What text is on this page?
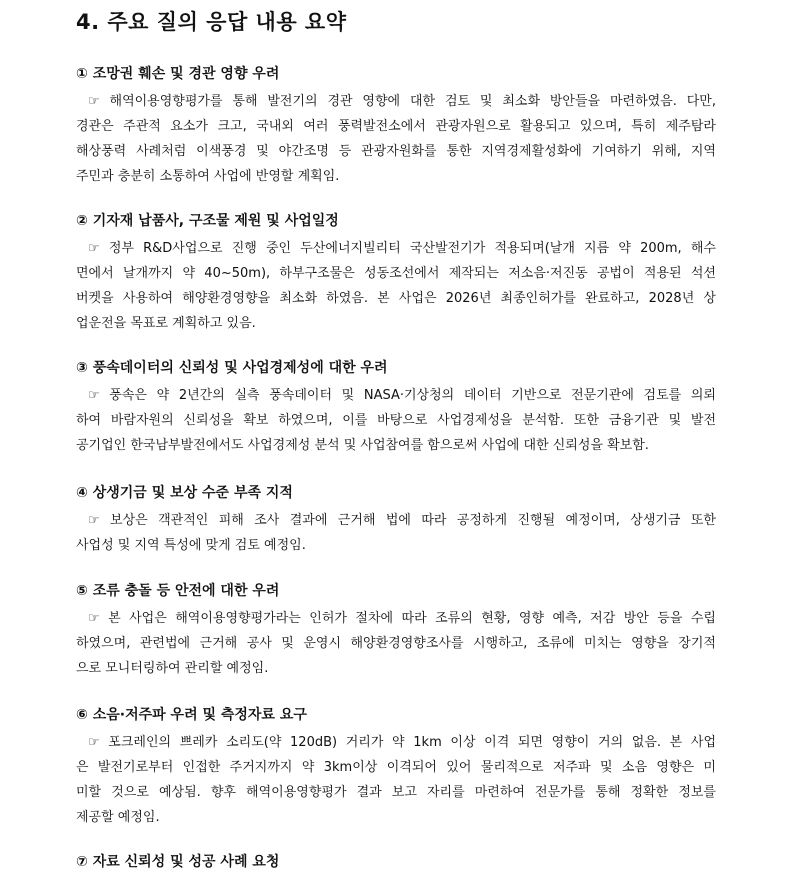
4. 주요 질의 응답 내용 요약

① 조망권 훼손 및 경관 영향 우려

☞ 해역이용영향평가를 통해 발전기의 경관 영향에 대한 검토 및 최소화 방안들을 마련하였음. 다만,
경관은 주관적 요소가 크고, 국내외 여러 풍력발전소에서 관광자원으로 활용되고 있으며, 특히 제주탐라
해상풍력 사례처럼 이색풍경 및 야간조명 등 관광자원화를 통한 지역경제활성화에 기여하기 위해, 지역
주민과 충분히 소통하여 사업에 반영할 계획임.

② 기자재 납품사, 구조물 제원 및 사업일정

☞ 정부 R&D사업으로 진행 중인 두산에너지빌리티 국산발전기가 적용되며(날개 지름 약 200m, 해수
면에서 날개까지 약 40~50m), 하부구조물은 성동조선에서 제작되는 저소음·저진동 공법이 적용된 석션
버켓을 사용하여 해양환경영향을 최소화 하였음. 본 사업은 2026년 최종인허가를 완료하고, 2028년 상
업운전을 목표로 계획하고 있음.

③ 풍속데이터의 신뢰성 및 사업경제성에 대한 우려

☞ 풍속은 약 2년간의 실측 풍속데이터 및 NASA·기상청의 데이터 기반으로 전문기관에 검토를 의뢰
하여 바람자원의 신뢰성을 확보 하였으며, 이를 바탕으로 사업경제성을 분석함. 또한 금융기관 및 발전
공기업인 한국남부발전에서도 사업경제성 분석 및 사업참여를 함으로써 사업에 대한 신뢰성을 확보함.

④ 상생기금 및 보상 수준 부족 지적

☞ 보상은 객관적인 피해 조사 결과에 근거해 법에 따라 공정하게 진행될 예정이며, 상생기금 또한
사업성 및 지역 특성에 맞게 검토 예정임.

⑤ 조류 충돌 등 안전에 대한 우려

☞ 본 사업은 해역이용영향평가라는 인허가 절차에 따라 조류의 현황, 영향 예측, 저감 방안 등을 수립
하였으며, 관련법에 근거해 공사 및 운영시 해양환경영향조사를 시행하고, 조류에 미치는 영향을 장기적
으로 모니터링하여 관리할 예정임.

⑥ 소음·저주파 우려 및 측정자료 요구

☞ 포크레인의 쁘레카 소리도(약 120dB) 거리가 약 1km 이상 이격 되면 영향이 거의 없음. 본 사업
은 발전기로부터 인접한 주거지까지 약 3km이상 이격되어 있어 물리적으로 저주파 및 소음 영향은 미
미할 것으로 예상됨. 향후 해역이용영향평가 결과 보고 자리를 마련하여 전문가를 통해 정확한 정보를
제공할 예정임.

⑦ 자료 신뢰성 및 성공 사례 요청
